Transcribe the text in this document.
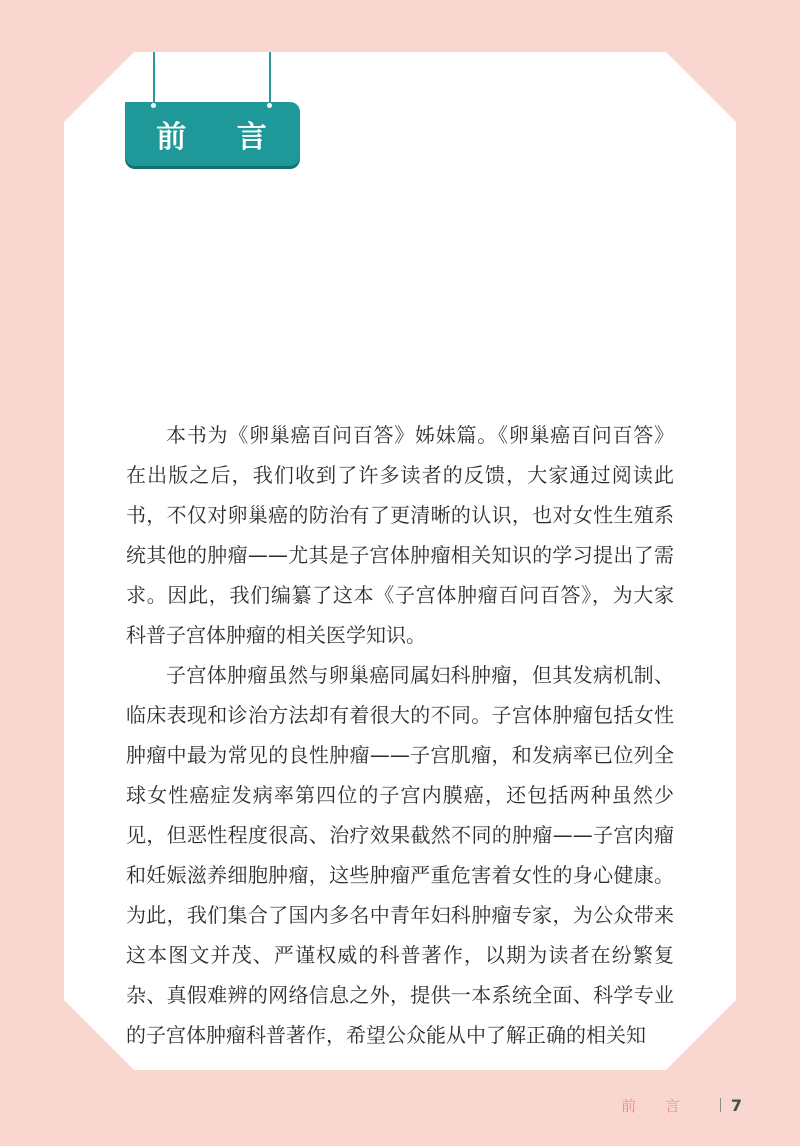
前 言

本书为《卵巢癌百问百答》姊妹篇。《卵巢癌百问百答》在出版之后，我们收到了许多读者的反馈，大家通过阅读此书，不仅对卵巢癌的防治有了更清晰的认识，也对女性生殖系统其他的肿瘤——尤其是子宫体肿瘤相关知识的学习提出了需求。因此，我们编纂了这本《子宫体肿瘤百问百答》，为大家科普子宫体肿瘤的相关医学知识。

子宫体肿瘤虽然与卵巢癌同属妇科肿瘤，但其发病机制、临床表现和诊治方法却有着很大的不同。子宫体肿瘤包括女性肿瘤中最为常见的良性肿瘤——子宫肌瘤，和发病率已位列全球女性癌症发病率第四位的子宫内膜癌，还包括两种虽然少见，但恶性程度很高、治疗效果截然不同的肿瘤——子宫肉瘤和妊娠滋养细胞肿瘤，这些肿瘤严重危害着女性的身心健康。为此，我们集合了国内多名中青年妇科肿瘤专家，为公众带来这本图文并茂、严谨权威的科普著作，以期为读者在纷繁复杂、真假难辨的网络信息之外，提供一本系统全面、科学专业的子宫体肿瘤科普著作，希望公众能从中了解正确的相关知

前 言 7
